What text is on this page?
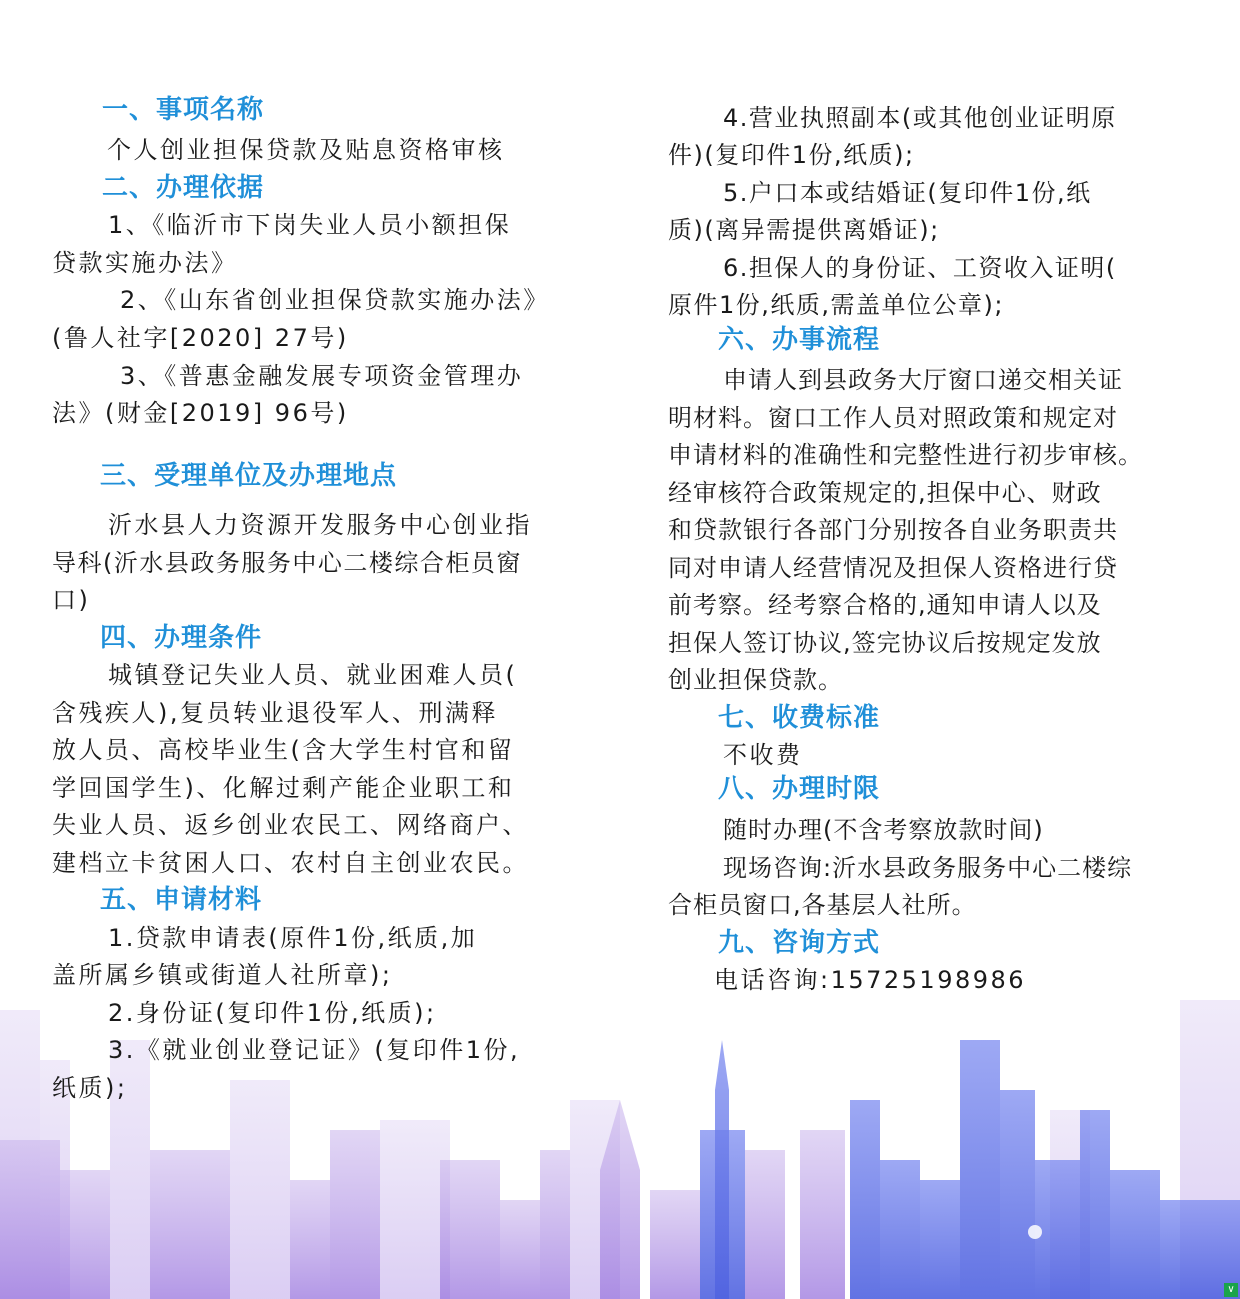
一、事项名称

个人创业担保贷款及贴息资格审核

二、办理依据

1、《临沂市下岗失业人员小额担保

贷款实施办法》

2、《山东省创业担保贷款实施办法》

(鲁人社字[2020] 27号)

3、《普惠金融发展专项资金管理办

法》(财金[2019] 96号)

三、受理单位及办理地点

沂水县人力资源开发服务中心创业指

导科(沂水县政务服务中心二楼综合柜员窗

口)

四、办理条件

城镇登记失业人员、就业困难人员(

含残疾人),复员转业退役军人、刑满释

放人员、高校毕业生(含大学生村官和留

学回国学生)、化解过剩产能企业职工和

失业人员、返乡创业农民工、网络商户、

建档立卡贫困人口、农村自主创业农民。

五、申请材料

1.贷款申请表(原件1份,纸质,加

盖所属乡镇或街道人社所章);

2.身份证(复印件1份,纸质);

3.《就业创业登记证》(复印件1份,

纸质);

4.营业执照副本(或其他创业证明原

件)(复印件1份,纸质);

5.户口本或结婚证(复印件1份,纸

质)(离异需提供离婚证);

6.担保人的身份证、工资收入证明(

原件1份,纸质,需盖单位公章);

六、办事流程

申请人到县政务大厅窗口递交相关证

明材料。窗口工作人员对照政策和规定对

申请材料的准确性和完整性进行初步审核。

经审核符合政策规定的,担保中心、财政

和贷款银行各部门分别按各自业务职责共

同对申请人经营情况及担保人资格进行贷

前考察。经考察合格的,通知申请人以及

担保人签订协议,签完协议后按规定发放

创业担保贷款。

七、收费标准

不收费

八、办理时限

随时办理(不含考察放款时间)

现场咨询:沂水县政务服务中心二楼综

合柜员窗口,各基层人社所。

九、咨询方式

电话咨询:15725198986

∨
